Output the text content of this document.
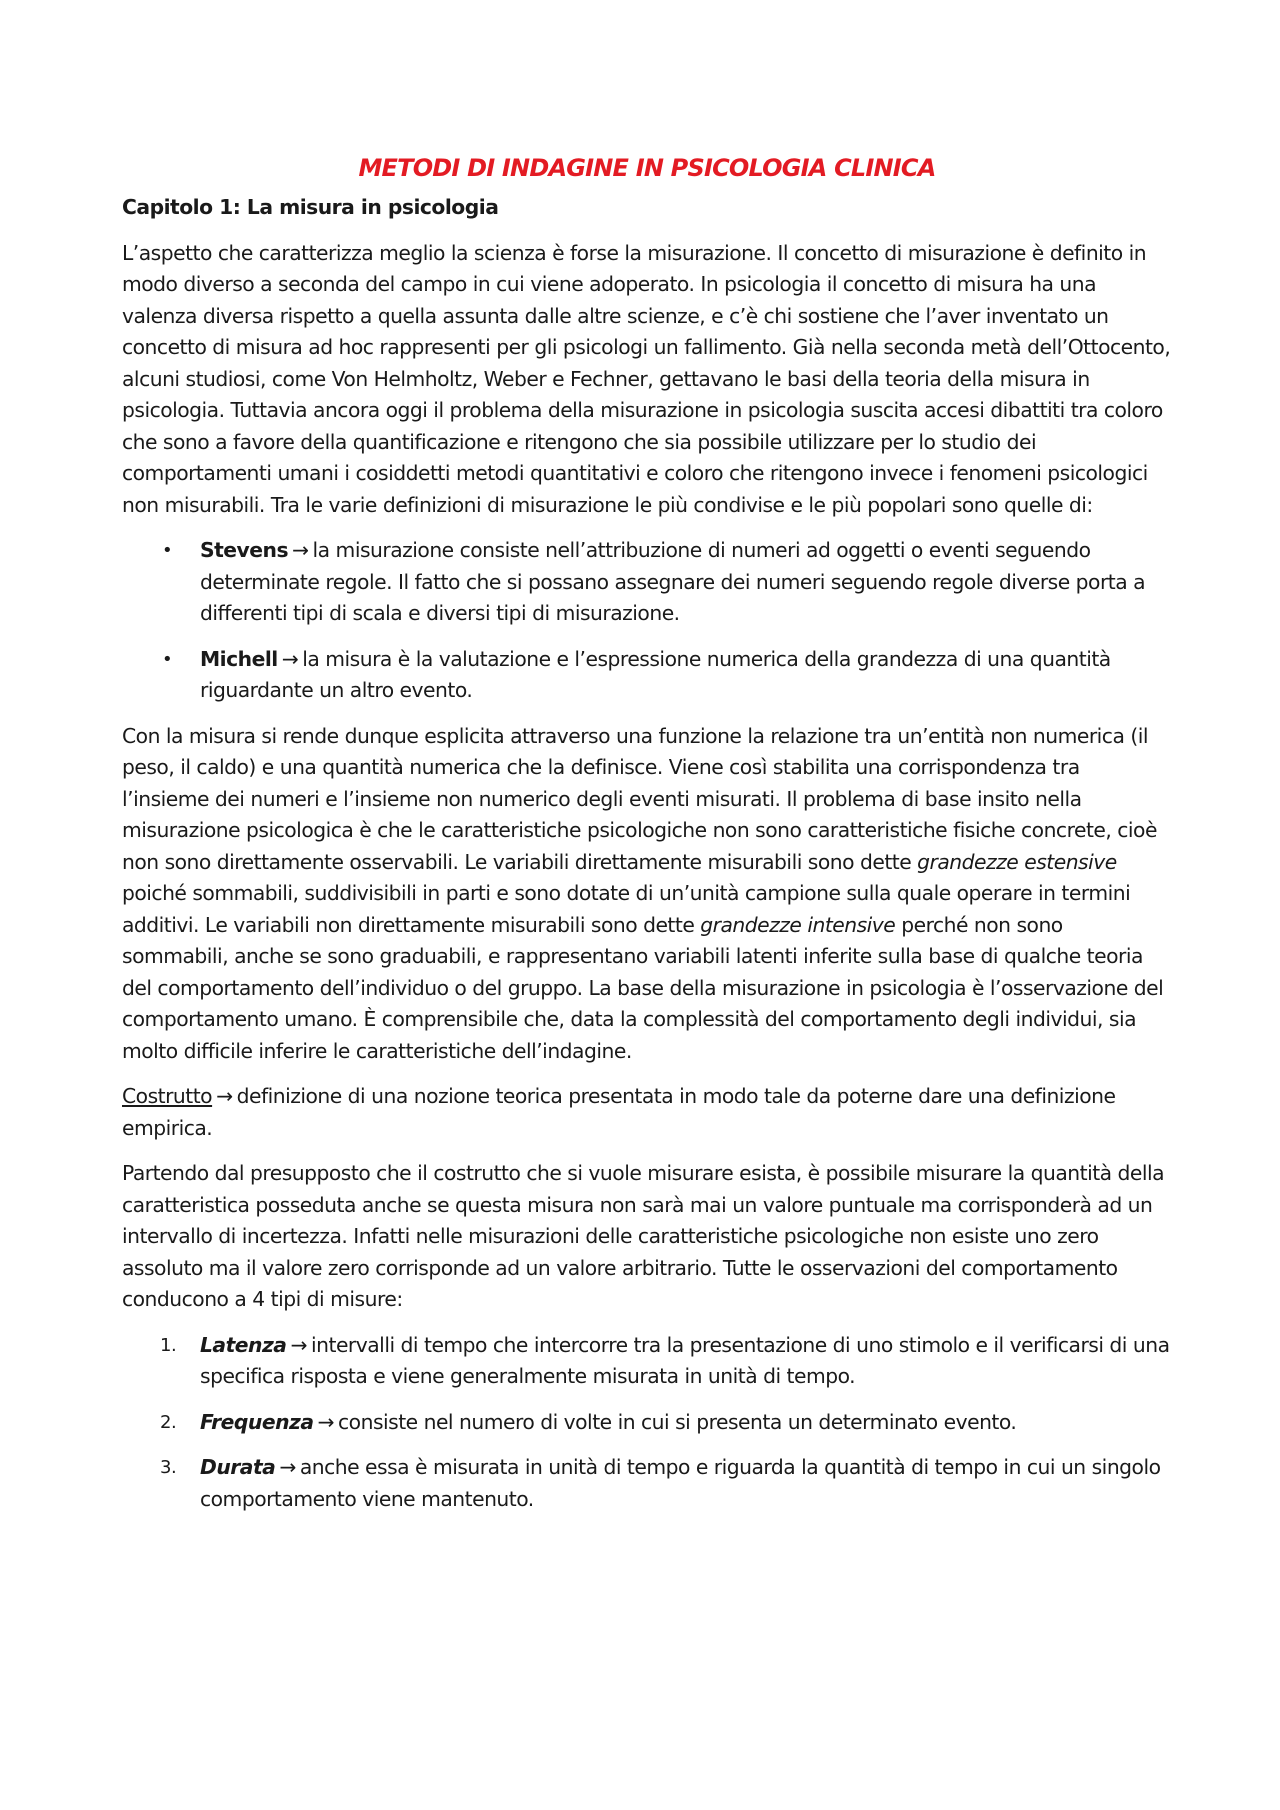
METODI DI INDAGINE IN PSICOLOGIA CLINICA
Capitolo 1: La misura in psicologia

L’aspetto che caratterizza meglio la scienza è forse la misurazione. Il concetto di misurazione è definito in modo diverso a seconda del campo in cui viene adoperato. In psicologia il concetto di misura ha una valenza diversa rispetto a quella assunta dalle altre scienze, e c’è chi sostiene che l’aver inventato un concetto di misura ad hoc rappresenti per gli psicologi un fallimento. Già nella seconda metà dell’Ottocento, alcuni studiosi, come Von Helmholtz, Weber e Fechner, gettavano le basi della teoria della misura in psicologia. Tuttavia ancora oggi il problema della misurazione in psicologia suscita accesi dibattiti tra coloro che sono a favore della quantificazione e ritengono che sia possibile utilizzare per lo studio dei comportamenti umani i cosiddetti metodi quantitativi e coloro che ritengono invece i fenomeni psicologici non misurabili. Tra le varie definizioni di misurazione le più condivise e le più popolari sono quelle di:

• Stevens → la misurazione consiste nell’attribuzione di numeri ad oggetti o eventi seguendo determinate regole. Il fatto che si possano assegnare dei numeri seguendo regole diverse porta a differenti tipi di scala e diversi tipi di misurazione.
• Michell → la misura è la valutazione e l’espressione numerica della grandezza di una quantità riguardante un altro evento.

Con la misura si rende dunque esplicita attraverso una funzione la relazione tra un’entità non numerica (il peso, il caldo) e una quantità numerica che la definisce. Viene così stabilita una corrispondenza tra l’insieme dei numeri e l’insieme non numerico degli eventi misurati. Il problema di base insito nella misurazione psicologica è che le caratteristiche psicologiche non sono caratteristiche fisiche concrete, cioè non sono direttamente osservabili. Le variabili direttamente misurabili sono dette grandezze estensive poiché sommabili, suddivisibili in parti e sono dotate di un’unità campione sulla quale operare in termini additivi. Le variabili non direttamente misurabili sono dette grandezze intensive perché non sono sommabili, anche se sono graduabili, e rappresentano variabili latenti inferite sulla base di qualche teoria del comportamento dell’individuo o del gruppo. La base della misurazione in psicologia è l’osservazione del comportamento umano. È comprensibile che, data la complessità del comportamento degli individui, sia molto difficile inferire le caratteristiche dell’indagine.

Costrutto → definizione di una nozione teorica presentata in modo tale da poterne dare una definizione empirica.

Partendo dal presupposto che il costrutto che si vuole misurare esista, è possibile misurare la quantità della caratteristica posseduta anche se questa misura non sarà mai un valore puntuale ma corrisponderà ad un intervallo di incertezza. Infatti nelle misurazioni delle caratteristiche psicologiche non esiste uno zero assoluto ma il valore zero corrisponde ad un valore arbitrario. Tutte le osservazioni del comportamento conducono a 4 tipi di misure:

1. Latenza → intervalli di tempo che intercorre tra la presentazione di uno stimolo e il verificarsi di una specifica risposta e viene generalmente misurata in unità di tempo.
2. Frequenza → consiste nel numero di volte in cui si presenta un determinato evento.
3. Durata → anche essa è misurata in unità di tempo e riguarda la quantità di tempo in cui un singolo comportamento viene mantenuto.
